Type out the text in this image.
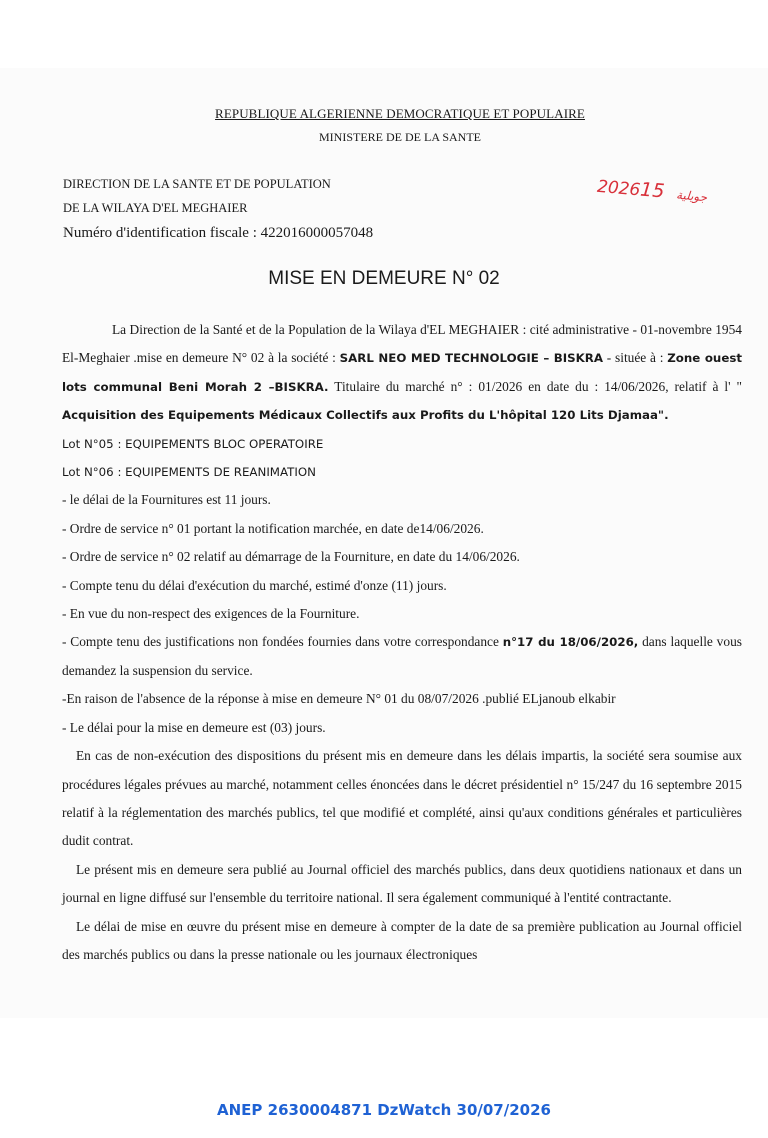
REPUBLIQUE ALGERIENNE DEMOCRATIQUE ET POPULAIRE
MINISTERE DE DE LA SANTE
DIRECTION DE LA SANTE ET DE POPULATION
DE LA WILAYA D'EL MEGHAIER
Numéro d'identification fiscale : 422016000057048
2026	جويلية15
MISE EN DEMEURE N° 02

La Direction de la Santé et de la Population de la Wilaya d'EL MEGHAIER : cité administrative - 01-novembre 1954 El-Meghaier .mise en demeure N° 02 à la société : SARL NEO MED TECHNOLOGIE – BISKRA - située à : Zone ouest lots communal Beni Morah 2 –BISKRA. Titulaire du marché n° : 01/2026 en date du : 14/06/2026, relatif à l' " Acquisition des Equipements Médicaux Collectifs aux Profits du L'hôpital 120 Lits Djamaa".

Lot N°05 : EQUIPEMENTS BLOC OPERATOIRE

Lot N°06 : EQUIPEMENTS DE REANIMATION

- le délai de la Fournitures est 11 jours.

- Ordre de service n° 01 portant la notification marchée, en date de14/06/2026.

- Ordre de service n° 02 relatif au démarrage de la Fourniture, en date du 14/06/2026.

- Compte tenu du délai d'exécution du marché, estimé d'onze (11) jours.

- En vue du non-respect des exigences de la Fourniture.

- Compte tenu des justifications non fondées fournies dans votre correspondance n°17 du 18/06/2026, dans laquelle vous demandez la suspension du service.

-En raison de l'absence de la réponse à mise en demeure N° 01 du 08/07/2026 .publié ELjanoub elkabir

- Le délai pour la mise en demeure est (03) jours.

En cas de non-exécution des dispositions du présent mis en demeure dans les délais impartis, la société sera soumise aux procédures légales prévues au marché, notamment celles énoncées dans le décret présidentiel n° 15/247 du 16 septembre 2015 relatif à la réglementation des marchés publics, tel que modifié et complété, ainsi qu'aux conditions générales et particulières dudit contrat.

Le présent mis en demeure sera publié au Journal officiel des marchés publics, dans deux quotidiens nationaux et dans un journal en ligne diffusé sur l'ensemble du territoire national. Il sera également communiqué à l'entité contractante.

Le délai de mise en œuvre du présent mise en demeure à compter de la date de sa première publication au Journal officiel des marchés publics ou dans la presse nationale ou les journaux électroniques

ANEP 2630004871 DzWatch 30/07/2026
